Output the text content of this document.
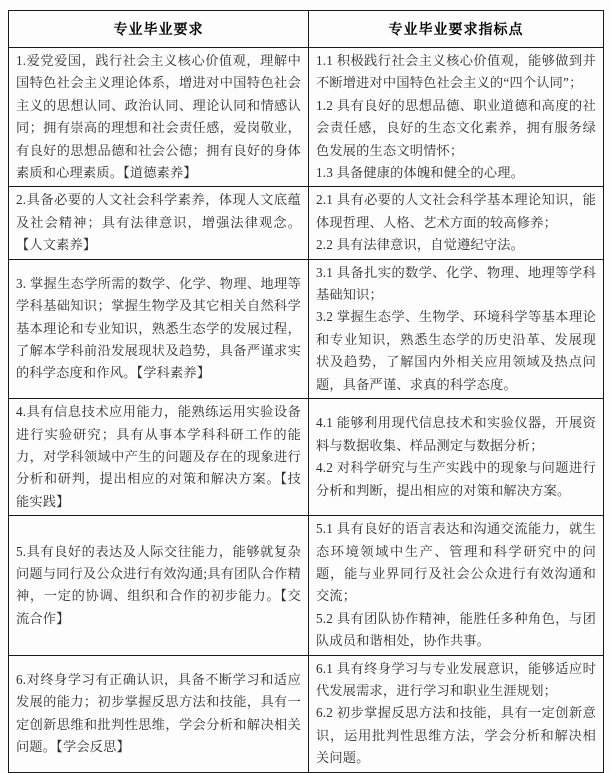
专业毕业要求	专业毕业要求指标点
1.爱党爱国，践行社会主义核心价值观，理解中国特色社会主义理论体系，增进对中国特色社会主义的思想认同、政治认同、理论认同和情感认同；拥有崇高的理想和社会责任感，爱岗敬业，有良好的思想品德和社会公德；拥有良好的身体素质和心理素质。【道德素养】	1.1 积极践行社会主义核心价值观，能够做到并不断增进对中国特色社会主义的“四个认同”；

1.2 具有良好的思想品德、职业道德和高度的社会责任感，良好的生态文化素养，拥有服务绿色发展的生态文明情怀；

1.3 具备健康的体魄和健全的心理。

2.具备必要的人文社会科学素养，体现人文底蕴及社会精神；具有法律意识，增强法律观念。【人文素养】	2.1 具有必要的人文社会科学基本理论知识，能体现哲理、人格、艺术方面的较高修养；

2.2 具有法律意识，自觉遵纪守法。

3. 掌握生态学所需的数学、化学、物理、地理等学科基础知识；掌握生物学及其它相关自然科学基本理论和专业知识，熟悉生态学的发展过程，了解本学科前沿发展现状及趋势，具备严谨求实的科学态度和作风。【学科素养】	3.1 具备扎实的数学、化学、物理、地理等学科基础知识；

3.2 掌握生态学、生物学、环境科学等基本理论和专业知识，熟悉生态学的历史沿革、发展现状及趋势，了解国内外相关应用领域及热点问题，具备严谨、求真的科学态度。

4.具有信息技术应用能力，能熟练运用实验设备进行实验研究；具有从事本学科科研工作的能力，对学科领域中产生的问题及存在的现象进行分析和研判，提出相应的对策和解决方案。【技能实践】	4.1 能够利用现代信息技术和实验仪器，开展资料与数据收集、样品测定与数据分析；

4.2 对科学研究与生产实践中的现象与问题进行分析和判断，提出相应的对策和解决方案。

5.具有良好的表达及人际交往能力，能够就复杂问题与同行及公众进行有效沟通;具有团队合作精神，一定的协调、组织和合作的初步能力。【交流合作】	5.1 具有良好的语言表达和沟通交流能力，就生态环境领域中生产、管理和科学研究中的问题，能与业界同行及社会公众进行有效沟通和交流；

5.2 具有团队协作精神，能胜任多种角色，与团队成员和谐相处，协作共事。

6.对终身学习有正确认识，具备不断学习和适应发展的能力；初步掌握反思方法和技能，具有一定创新思维和批判性思维，学会分析和解决相关问题。【学会反思】	6.1 具有终身学习与专业发展意识，能够适应时代发展需求，进行学习和职业生涯规划；

6.2 初步掌握反思方法和技能，具有一定创新意识，运用批判性思维方法，学会分析和解决相关问题。
